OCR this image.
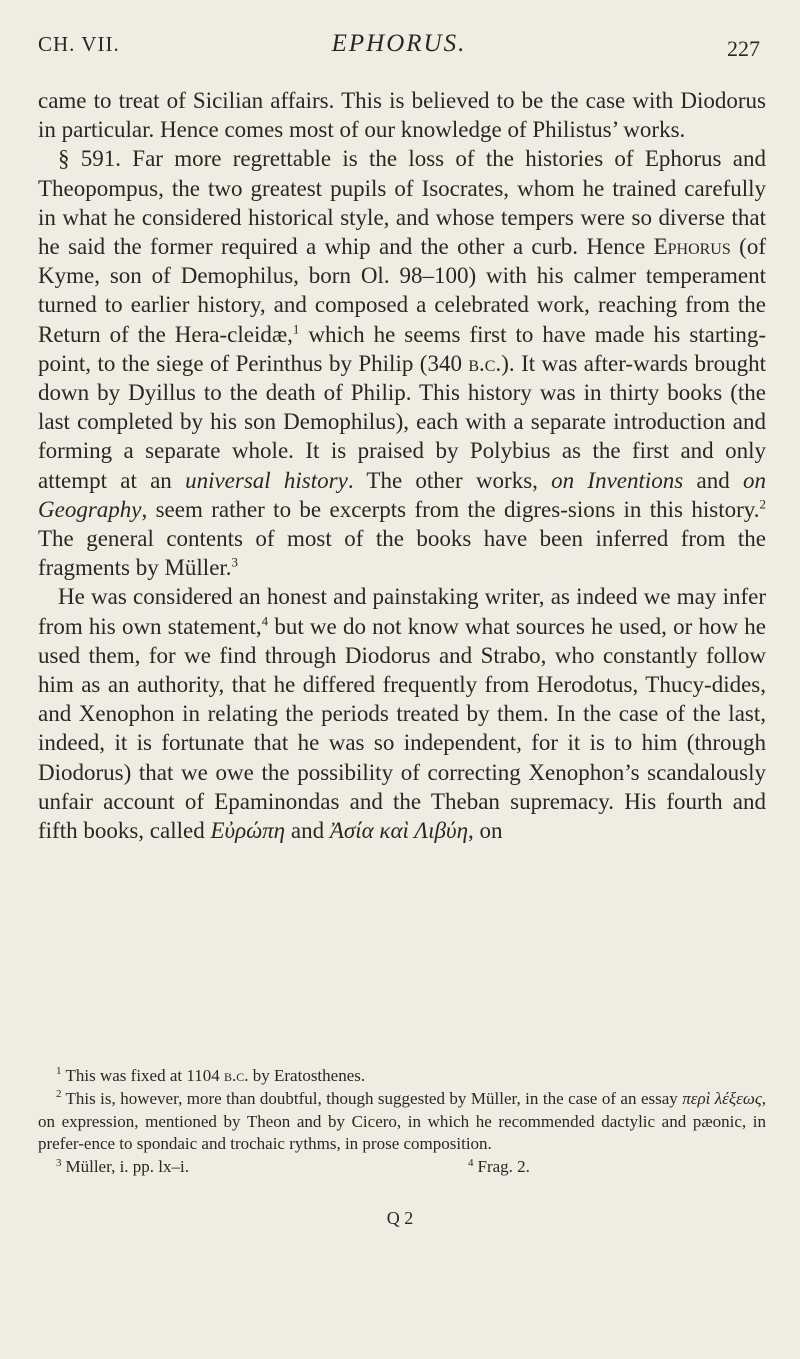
CH. VII.	EPHORUS.	227

came to treat of Sicilian affairs. This is believed to be the case with Diodorus in particular. Hence comes most of our knowledge of Philistus’ works.

§ 591. Far more regrettable is the loss of the histories of Ephorus and Theopompus, the two greatest pupils of Isocrates, whom he trained carefully in what he considered historical style, and whose tempers were so diverse that he said the former required a whip and the other a curb. Hence Ephorus (of Kyme, son of Demophilus, born Ol. 98–100) with his calmer temperament turned to earlier history, and composed a celebrated work, reaching from the Return of the Hera-cleidæ,$^1$ which he seems first to have made his starting-point, to the siege of Perinthus by Philip (340 b.c.). It was after-wards brought down by Dyillus to the death of Philip. This history was in thirty books (the last completed by his son Demophilus), each with a separate introduction and forming a separate whole. It is praised by Polybius as the first and only attempt at an universal history. The other works, on Inventions and on Geography, seem rather to be excerpts from the digres-sions in this history.$^2$ The general contents of most of the books have been inferred from the fragments by Müller.$^3$

He was considered an honest and painstaking writer, as indeed we may infer from his own statement,$^4$ but we do not know what sources he used, or how he used them, for we find through Diodorus and Strabo, who constantly follow him as an authority, that he differed frequently from Herodotus, Thucy-dides, and Xenophon in relating the periods treated by them. In the case of the last, indeed, it is fortunate that he was so independent, for it is to him (through Diodorus) that we owe the possibility of correcting Xenophon’s scandalously unfair account of Epaminondas and the Theban supremacy. His fourth and fifth books, called Εὐρώπη and Ἀσία καὶ Λιβύη, on

$^1$ This was fixed at 1104 b.c. by Eratosthenes.

$^2$ This is, however, more than doubtful, though suggested by Müller, in the case of an essay περὶ λέξεως, on expression, mentioned by Theon and by Cicero, in which he recommended dactylic and pæonic, in prefer-ence to spondaic and trochaic rythms, in prose composition.

$^3$ Müller, i. pp. lx–i.	$^4$ Frag. 2.
Q 2
